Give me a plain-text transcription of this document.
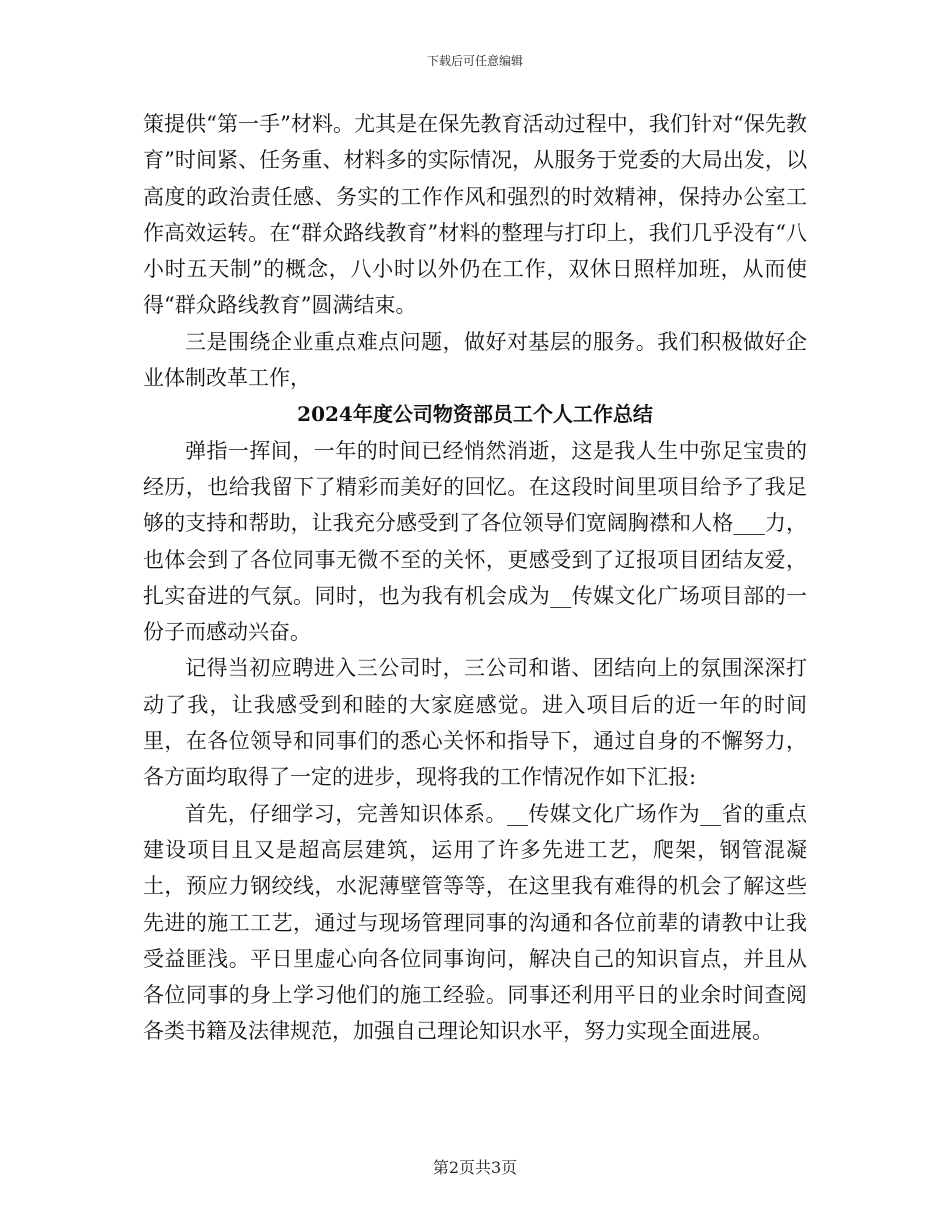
下载后可任意编辑

策提供“第一手”材料。尤其是在保先教育活动过程中，我们针对“保先教育”时间紧、任务重、材料多的实际情况，从服务于党委的大局出发，以高度的政治责任感、务实的工作作风和强烈的时效精神，保持办公室工作高效运转。在“群众路线教育”材料的整理与打印上，我们几乎没有“八小时五天制”的概念，八小时以外仍在工作，双休日照样加班，从而使得“群众路线教育”圆满结束。

三是围绕企业重点难点问题，做好对基层的服务。我们积极做好企业体制改革工作，

2024年度公司物资部员工个人工作总结

弹指一挥间，一年的时间已经悄然消逝，这是我人生中弥足宝贵的经历，也给我留下了精彩而美好的回忆。在这段时间里项目给予了我足够的支持和帮助，让我充分感受到了各位领导们宽阔胸襟和人格___力，也体会到了各位同事无微不至的关怀，更感受到了辽报项目团结友爱，扎实奋进的气氛。同时，也为我有机会成为__传媒文化广场项目部的一份子而感动兴奋。

记得当初应聘进入三公司时，三公司和谐、团结向上的氛围深深打动了我，让我感受到和睦的大家庭感觉。进入项目后的近一年的时间里，在各位领导和同事们的悉心关怀和指导下，通过自身的不懈努力，各方面均取得了一定的进步，现将我的工作情况作如下汇报:

首先，仔细学习，完善知识体系。__传媒文化广场作为__省的重点建设项目且又是超高层建筑，运用了许多先进工艺，爬架，钢管混凝土，预应力钢绞线，水泥薄壁管等等，在这里我有难得的机会了解这些先进的施工工艺，通过与现场管理同事的沟通和各位前辈的请教中让我受益匪浅。平日里虚心向各位同事询问，解决自己的知识盲点，并且从各位同事的身上学习他们的施工经验。同事还利用平日的业余时间查阅各类书籍及法律规范，加强自己理论知识水平，努力实现全面进展。

第2页共3页
